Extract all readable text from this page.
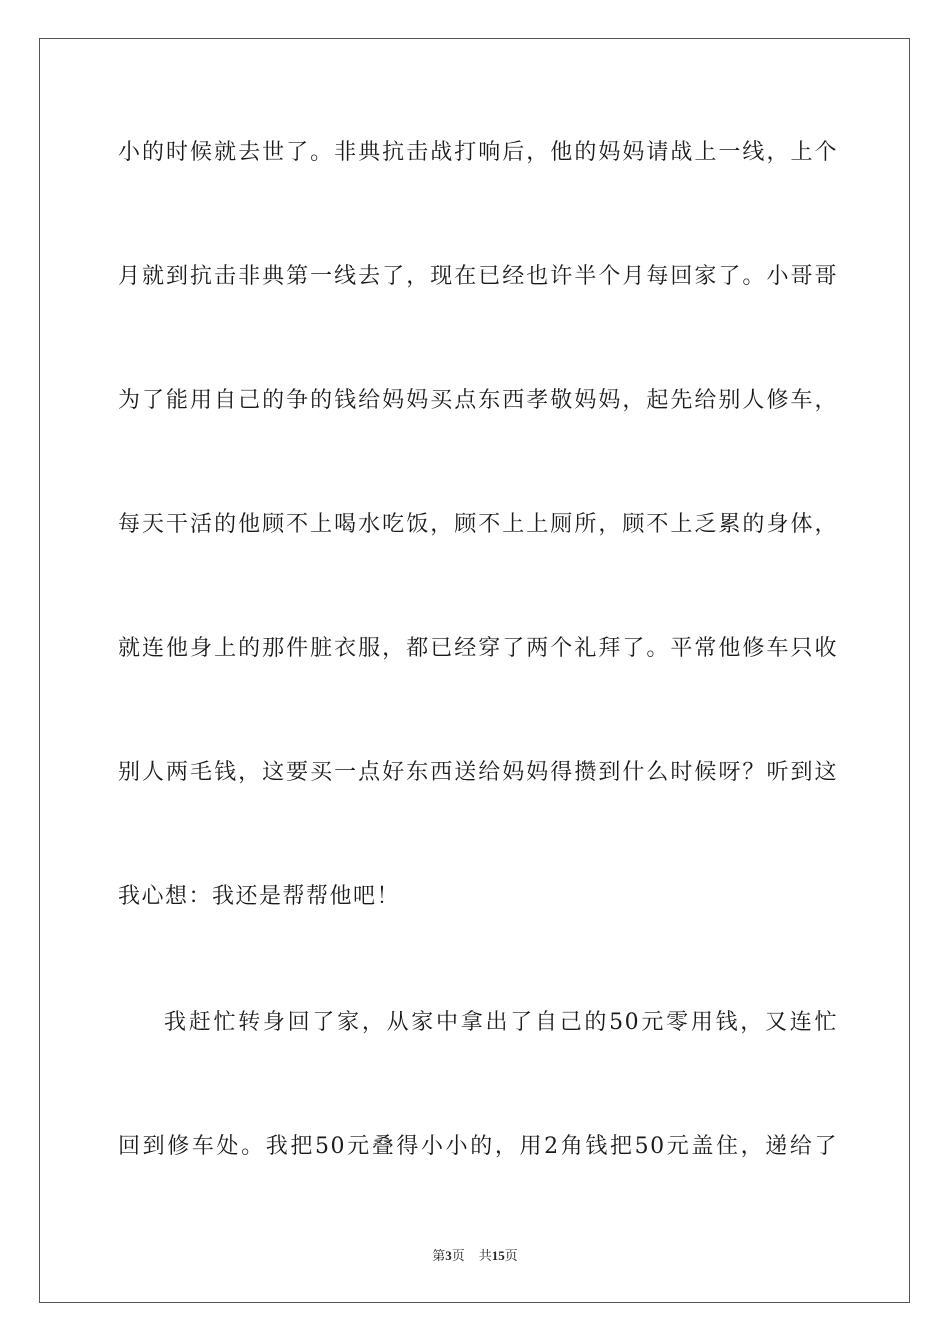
小的时候就去世了。非典抗击战打响后，他的妈妈请战上一线，上个
月就到抗击非典第一线去了，现在已经也许半个月每回家了。小哥哥
为了能用自己的争的钱给妈妈买点东西孝敬妈妈，起先给别人修车，
每天干活的他顾不上喝水吃饭，顾不上上厕所，顾不上乏累的身体，
就连他身上的那件脏衣服，都已经穿了两个礼拜了。平常他修车只收
别人两毛钱，这要买一点好东西送给妈妈得攒到什么时候呀？听到这
我心想：我还是帮帮他吧！
我赶忙转身回了家，从家中拿出了自己的50元零用钱，又连忙
回到修车处。我把50元叠得小小的，用2角钱把50元盖住，递给了
第3页 共15页
